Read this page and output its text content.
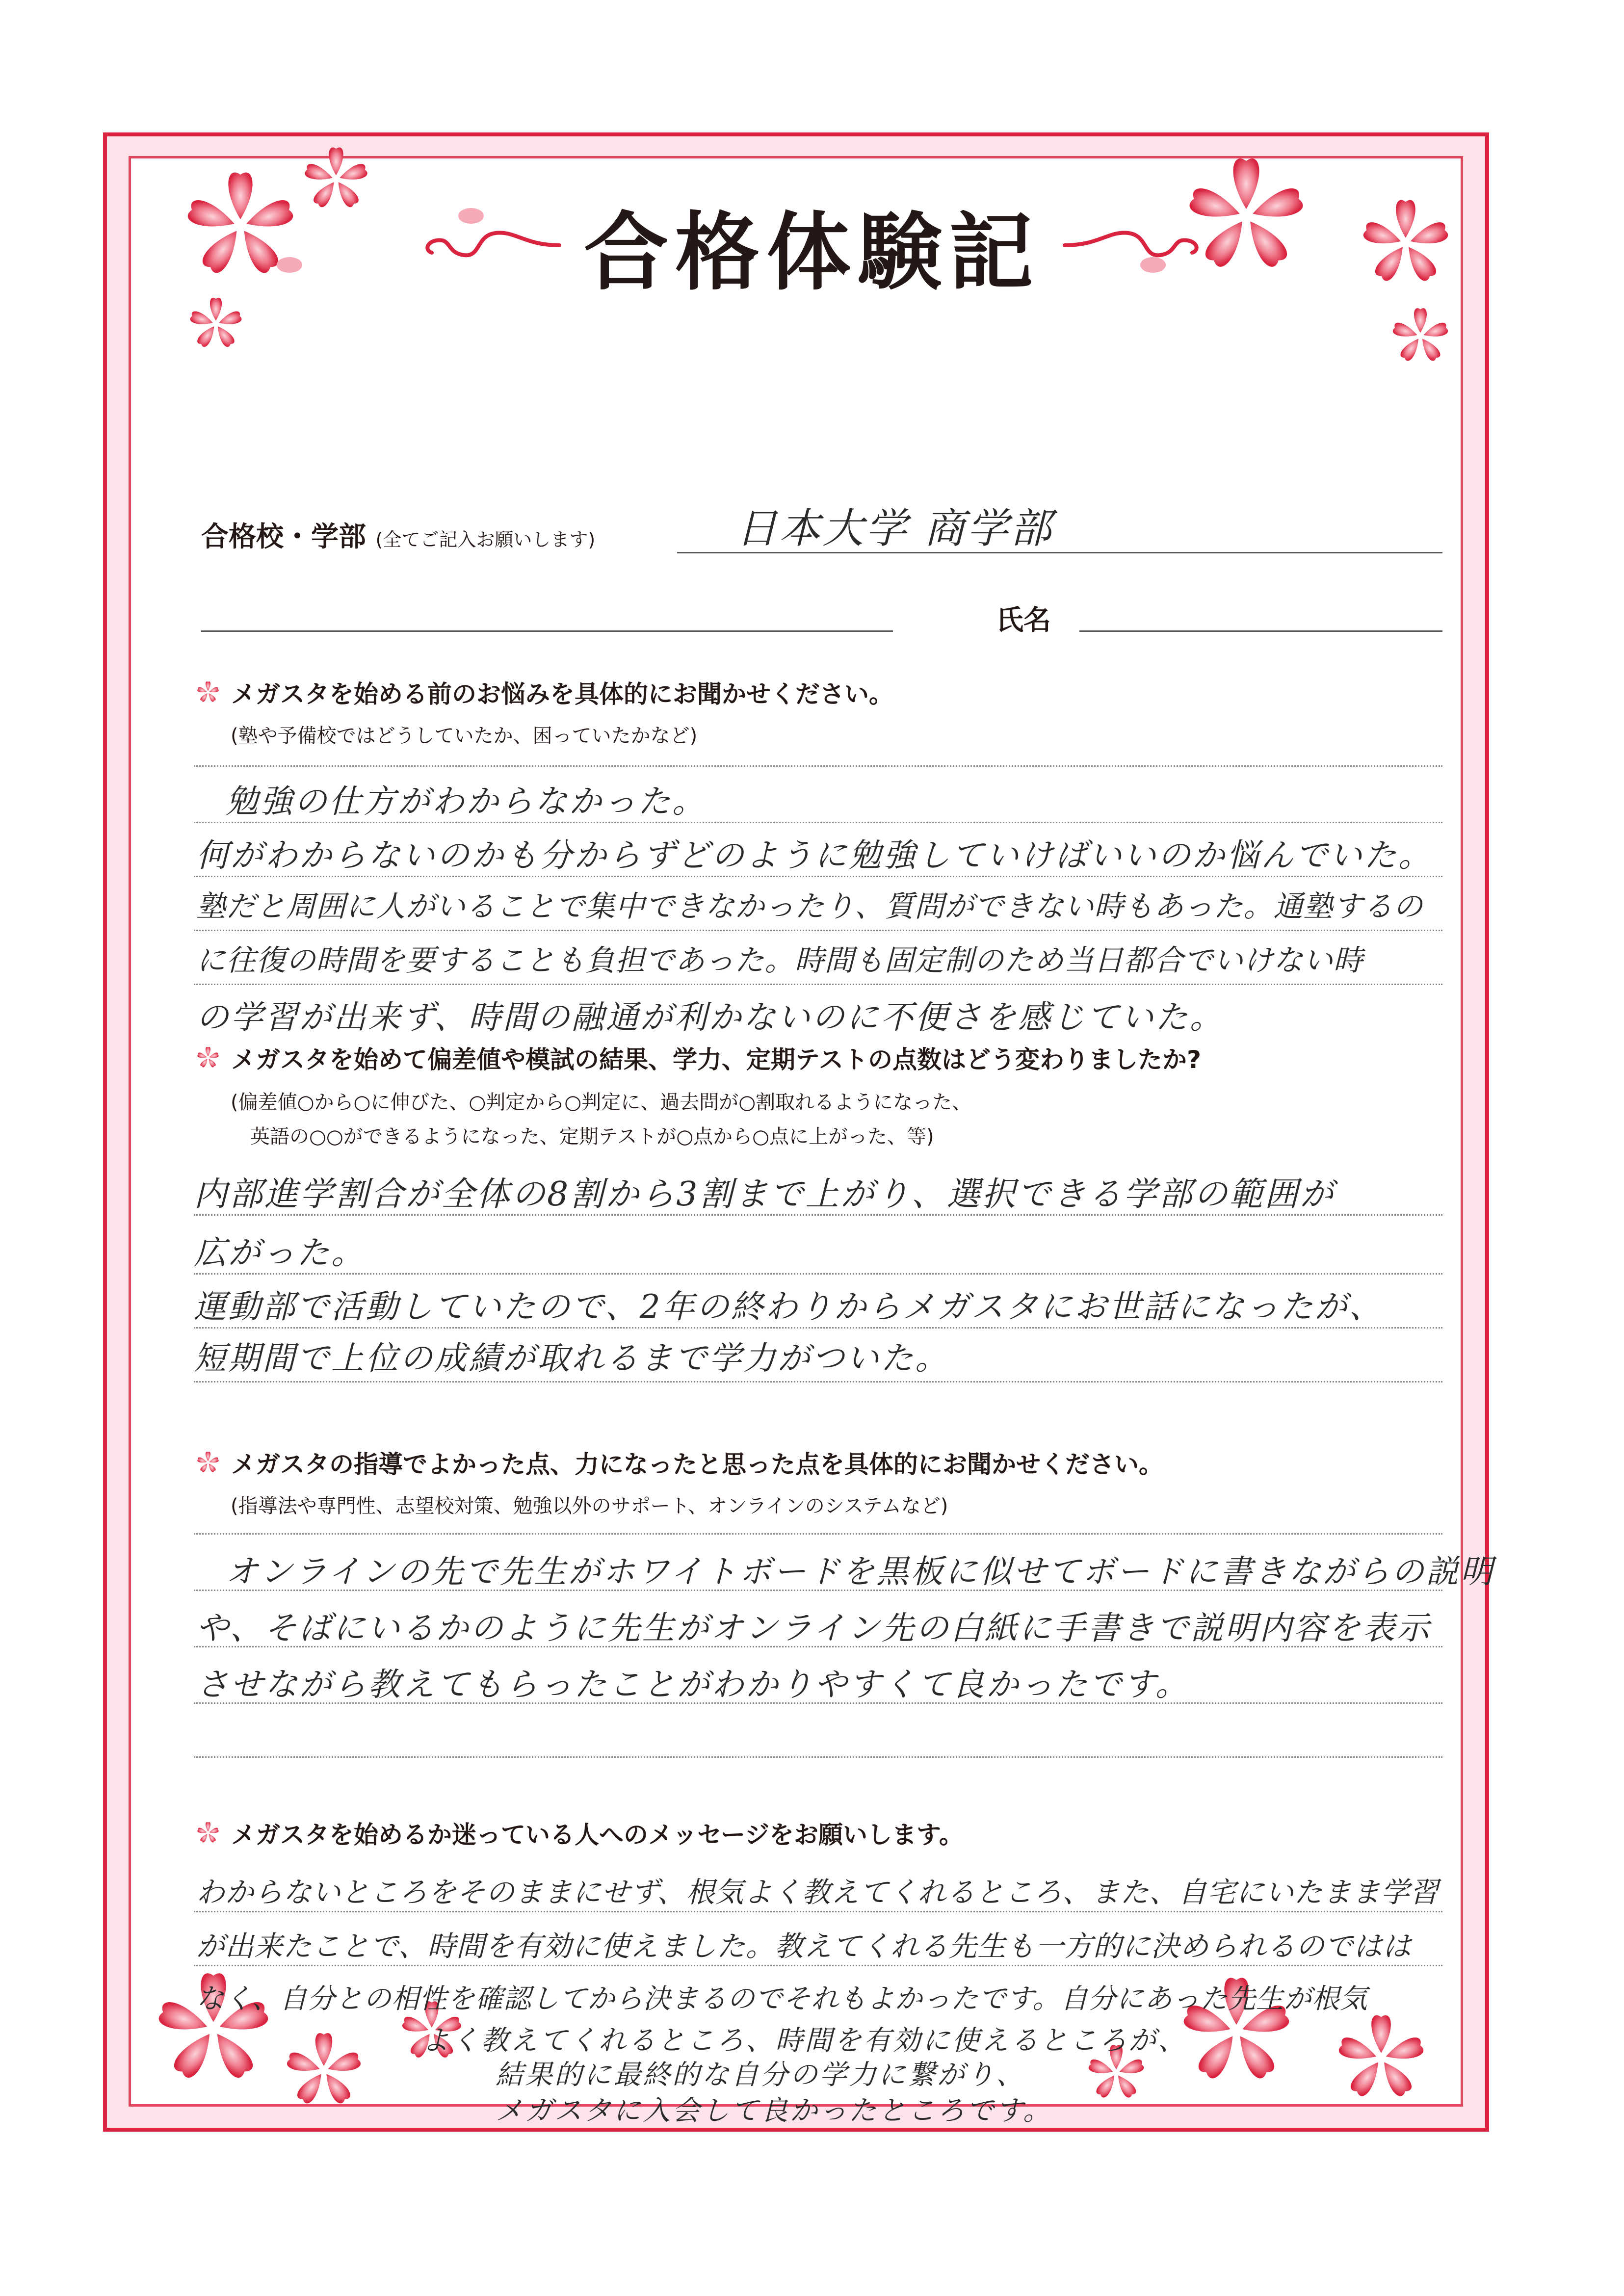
合格体験記
合格校・学部 (全てご記入お願いします)	日本大学 商学部
氏名
メガスタを始める前のお悩みを具体的にお聞かせください。
(塾や予備校ではどうしていたか、困っていたかなど)
勉強の仕方がわからなかった。
何がわからないのかも分からずどのように勉強していけばいいのか悩んでいた。
塾だと周囲に人がいることで集中できなかったり、質問ができない時もあった。通塾するの
に往復の時間を要することも負担であった。時間も固定制のため当日都合でいけない時
の学習が出来ず、時間の融通が利かないのに不便さを感じていた。
メガスタを始めて偏差値や模試の結果、学力、定期テストの点数はどう変わりましたか?
(偏差値○から○に伸びた、○判定から○判定に、過去問が○割取れるようになった、
英語の○○ができるようになった、定期テストが○点から○点に上がった、等)
内部進学割合が全体の8割から3割まで上がり、選択できる学部の範囲が
広がった。
運動部で活動していたので、2年の終わりからメガスタにお世話になったが、
短期間で上位の成績が取れるまで学力がついた。
メガスタの指導でよかった点、力になったと思った点を具体的にお聞かせください。
(指導法や専門性、志望校対策、勉強以外のサポート、オンラインのシステムなど)
オンラインの先で先生がホワイトボードを黒板に似せてボードに書きながらの説明
や、そばにいるかのように先生がオンライン先の白紙に手書きで説明内容を表示
させながら教えてもらったことがわかりやすくて良かったです。
メガスタを始めるか迷っている人へのメッセージをお願いします。
わからないところをそのままにせず、根気よく教えてくれるところ、また、自宅にいたまま学習
が出来たことで、時間を有効に使えました。教えてくれる先生も一方的に決められるのではは
なく、自分との相性を確認してから決まるのでそれもよかったです。自分にあった先生が根気
よく教えてくれるところ、時間を有効に使えるところが、
結果的に最終的な自分の学力に繋がり、
メガスタに入会して良かったところです。
